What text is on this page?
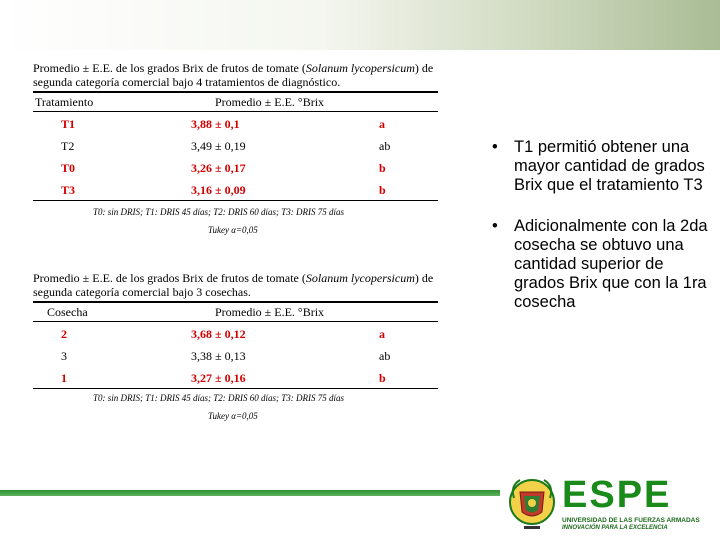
Promedio ± E.E. de los grados Brix de frutos de tomate (Solanum lycopersicum) de segunda categoría comercial bajo 4 tratamientos de diagnóstico.
Tratamiento	Promedio ± E.E. °Brix
T1	3,88 ± 0,1	a
T2	3,49 ± 0,19	ab
T0	3,26 ± 0,17	b
T3	3,16 ± 0,09	b
T0: sin DRIS; T1: DRIS 45 días; T2: DRIS 60 días; T3: DRIS 75 días
Tukey α=0,05
Promedio ± E.E. de los grados Brix de frutos de tomate (Solanum lycopersicum) de segunda categoría comercial bajo 3 cosechas.
Cosecha	Promedio ± E.E. °Brix
2	3,68 ± 0,12	a
3	3,38 ± 0,13	ab
1	3,27 ± 0,16	b
T0: sin DRIS; T1: DRIS 45 días; T2: DRIS 60 días; T3: DRIS 75 días
Tukey α=0,05
• T1 permitió obtener una mayor cantidad de grados Brix que el tratamiento T3
• Adicionalmente con la 2da cosecha se obtuvo una cantidad superior de grados Brix que con la 1ra cosecha
ESPE
UNIVERSIDAD DE LAS FUERZAS ARMADAS
INNOVACIÓN PARA LA EXCELENCIA
